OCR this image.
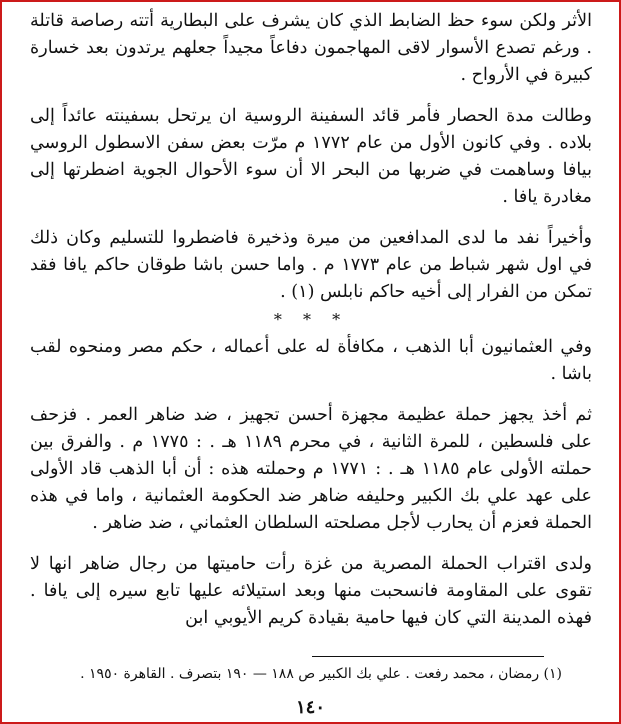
الأثر ولكن سوء حظ الضابط الذي كان يشرف على البطارية أتته رصاصة قاتلة . ورغم تصدع الأسوار لاقى المهاجمون دفاعاً مجيداً جعلهم يرتدون بعد خسارة كبيرة في الأرواح .

وطالت مدة الحصار فأمر قائد السفينة الروسية ان يرتحل بسفينته عائداً إلى بلاده . وفي كانون الأول من عام ١٧٧٢ م مرّت بعض سفن الاسطول الروسي بيافا وساهمت في ضربها من البحر الا أن سوء الأحوال الجوية اضطرتها إلى مغادرة يافا .

وأخيراً نفد ما لدى المدافعين من ميرة وذخيرة فاضطروا للتسليم وكان ذلك في اول شهر شباط من عام ١٧٧٣ م . واما حسن باشا طوقان حاكم يافا فقد تمكن من الفرار إلى أخيه حاكم نابلس (١) .

* * *

وفي العثمانيون أبا الذهب ، مكافأة له على أعماله ، حكم مصر ومنحوه لقب باشا .

ثم أخذ يجهز حملة عظيمة مجهزة أحسن تجهيز ، ضد ضاهر العمر . فزحف على فلسطين ، للمرة الثانية ، في محرم ١١٨٩ هـ . : ١٧٧٥ م . والفرق بين حملته الأولى عام ١١٨٥ هـ . : ١٧٧١ م وحملته هذه : أن أبا الذهب قاد الأولى على عهد علي بك الكبير وحليفه ضاهر ضد الحكومة العثمانية ، واما في هذه الحملة فعزم أن يحارب لأجل مصلحته السلطان العثماني ، ضد ضاهر .

ولدى اقتراب الحملة المصرية من غزة رأت حاميتها من رجال ضاهر انها لا تقوى على المقاومة فانسحبت منها وبعد استيلائه عليها تابع سيره إلى يافا . فهذه المدينة التي كان فيها حامية بقيادة كريم الأيوبي ابن

(١) رمضان ، محمد رفعت . علي بك الكبير ص ١٨٨ — ١٩٠ بتصرف . القاهرة ١٩٥٠ .
١٤٠
